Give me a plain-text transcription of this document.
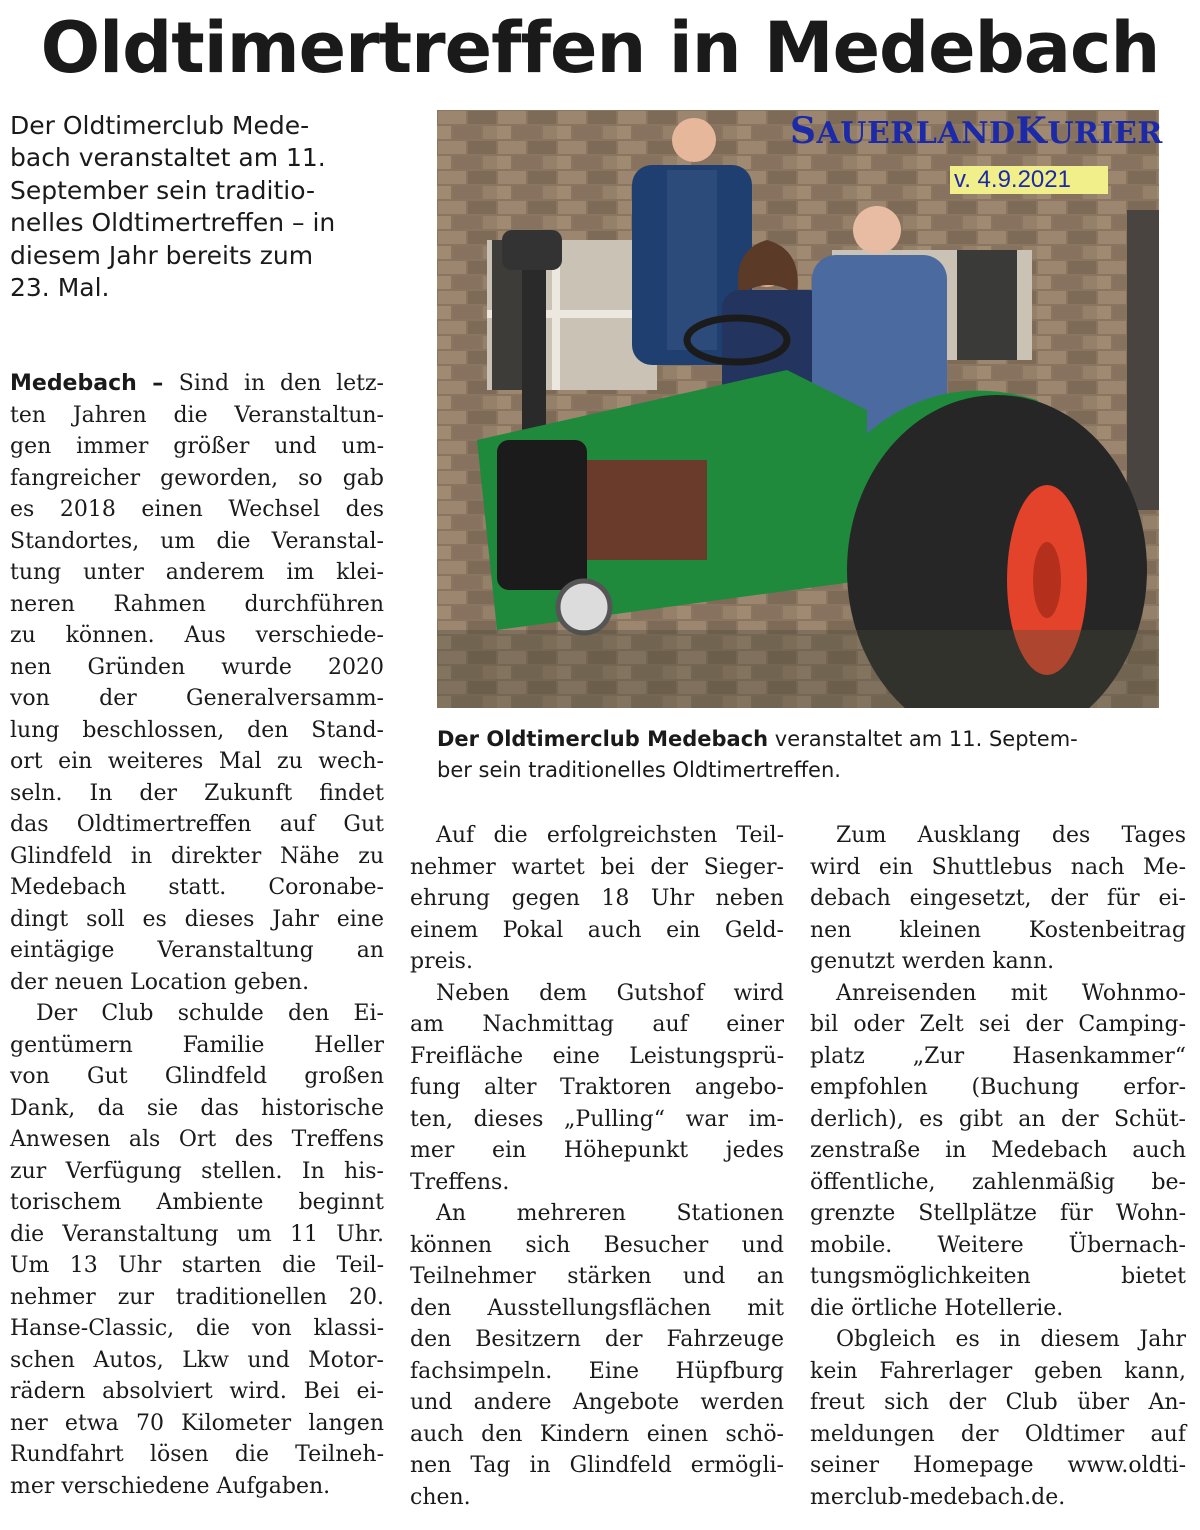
Oldtimertreffen in Medebach

Der Oldtimerclub Mede-
bach veranstaltet am 11.
September sein traditio-
nelles Oldtimertreffen – in
diesem Jahr bereits zum
23. Mal.

SAUERLANDKURIER
v. 4.9.2021

Der Oldtimerclub Medebach veranstaltet am 11. Septem-
ber sein traditionelles Oldtimertreffen.

Medebach – Sind in den letz-
ten Jahren die Veranstaltun-
gen immer größer und um-
fangreicher geworden, so gab
es 2018 einen Wechsel des
Standortes, um die Veranstal-
tung unter anderem im klei-
neren Rahmen durchführen
zu können. Aus verschiede-
nen Gründen wurde 2020
von der Generalversamm-
lung beschlossen, den Stand-
ort ein weiteres Mal zu wech-
seln. In der Zukunft findet
das Oldtimertreffen auf Gut
Glindfeld in direkter Nähe zu
Medebach statt. Coronabe-
dingt soll es dieses Jahr eine
eintägige Veranstaltung an
der neuen Location geben.

Der Club schulde den Ei-
gentümern Familie Heller
von Gut Glindfeld großen
Dank, da sie das historische
Anwesen als Ort des Treffens
zur Verfügung stellen. In his-
torischem Ambiente beginnt
die Veranstaltung um 11 Uhr.
Um 13 Uhr starten die Teil-
nehmer zur traditionellen 20.
Hanse-Classic, die von klassi-
schen Autos, Lkw und Motor-
rädern absolviert wird. Bei ei-
ner etwa 70 Kilometer langen
Rundfahrt lösen die Teilneh-
mer verschiedene Aufgaben.

Auf die erfolgreichsten Teil-
nehmer wartet bei der Sieger-
ehrung gegen 18 Uhr neben
einem Pokal auch ein Geld-
preis.

Neben dem Gutshof wird
am Nachmittag auf einer
Freifläche eine Leistungsprü-
fung alter Traktoren angebo-
ten, dieses „Pulling“ war im-
mer ein Höhepunkt jedes
Treffens.

An mehreren Stationen
können sich Besucher und
Teilnehmer stärken und an
den Ausstellungsflächen mit
den Besitzern der Fahrzeuge
fachsimpeln. Eine Hüpfburg
und andere Angebote werden
auch den Kindern einen schö-
nen Tag in Glindfeld ermögli-
chen.

Zum Ausklang des Tages
wird ein Shuttlebus nach Me-
debach eingesetzt, der für ei-
nen kleinen Kostenbeitrag
genutzt werden kann.

Anreisenden mit Wohnmo-
bil oder Zelt sei der Camping-
platz „Zur Hasenkammer“
empfohlen (Buchung erfor-
derlich), es gibt an der Schüt-
zenstraße in Medebach auch
öffentliche, zahlenmäßig be-
grenzte Stellplätze für Wohn-
mobile. Weitere Übernach-
tungsmöglichkeiten bietet
die örtliche Hotellerie.

Obgleich es in diesem Jahr
kein Fahrerlager geben kann,
freut sich der Club über An-
meldungen der Oldtimer auf
seiner Homepage www.oldti-
merclub-medebach.de.
